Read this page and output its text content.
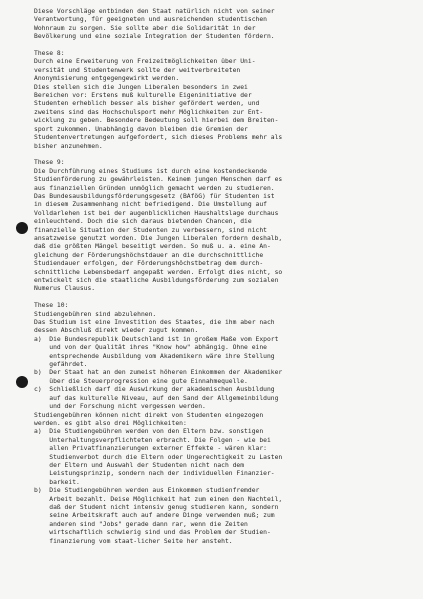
Diese Vorschläge entbinden den Staat natürlich nicht von seiner
Verantwortung, für geeigneten und ausreichenden studentischen
Wohnraum zu sorgen. Sie sollte aber die Solidarität in der
Bevölkerung und eine soziale Integration der Studenten fördern.

These 8:
Durch eine Erweiterung von Freizeitmöglichkeiten über Uni-
versität und Studentenwerk sollte der weitverbreiteten
Anonymisierung entgegengewirkt werden.
Dies stellen sich die Jungen Liberalen besonders in zwei
Bereichen vor: Erstens muß kulturelle Eigeninitiative der
Studenten erheblich besser als bisher gefördert werden, und
zweitens sind das Hochschulsport mehr Möglichkeiten zur Ent-
wicklung zu geben. Besondere Bedeutung soll hierbei dem Breiten-
sport zukommen. Unabhängig davon bleiben die Gremien der
Studentenvertretungen aufgefordert, sich dieses Problems mehr als
bisher anzunehmen.

These 9:
Die Durchführung eines Studiums ist durch eine kostendeckende
Studienförderung zu gewährleisten. Keinem jungen Menschen darf es
aus finanziellen Gründen unmöglich gemacht werden zu studieren.
Das Bundesausbildungsförderungsgesetz (BAföG) für Studenten ist
in diesem Zusammenhang nicht befriedigend. Die Umstellung auf
Volldarlehen ist bei der augenblicklichen Haushaltslage durchaus
einleuchtend. Doch die sich daraus bietenden Chancen, die
finanzielle Situation der Studenten zu verbessern, sind nicht
ansatzweise genutzt worden. Die Jungen Liberalen fordern deshalb,
daß die größten Mängel beseitigt werden. So muß u. a. eine An-
gleichung der Förderungshöchstdauer an die durchschnittliche
Studiendauer erfolgen, der Förderungshöchstbetrag dem durch-
schnittliche Lebensbedarf angepaßt werden. Erfolgt dies nicht, so
entwickelt sich die staatliche Ausbildungsförderung zum sozialen
Numerus Clausus.

These 10:
Studiengebühren sind abzulehnen.
Das Studium ist eine Investition des Staates, die ihm aber nach
dessen Abschluß direkt wieder zugut kommen.
a)  Die Bundesrepublik Deutschland ist in großem Maße vom Export
und von der Qualität ihres "Know how" abhängig. Ohne eine
entsprechende Ausbildung vom Akademikern wäre ihre Stellung
gefährdet.
b)  Der Staat hat an den zumeist höheren Einkommen der Akademiker
über die Steuerprogression eine gute Einnahmequelle.
c)  Schließlich darf die Auswirkung der akademischen Ausbildung
auf das kulturelle Niveau, auf den Sand der Allgemeinbildung
und der Forschung nicht vergessen werden.
Studiengebühren können nicht direkt von Studenten eingezogen
werden. es gibt also drei Möglichkeiten:
a)  Die Studiengebühren werden von den Eltern bzw. sonstigen
Unterhaltungsverpflichteten erbracht. Die Folgen - wie bei
allen Privatfinanzierungen externer Effekte - wären klar:
Studienverbot durch die Eltern oder Ungerechtigkeit zu Lasten
der Eltern und Auswahl der Studenten nicht nach dem
Leistungsprinzip, sondern nach der individuellen Finanzier-
barkeit.
b)  Die Studiengebühren werden aus Einkommen studienfremder
Arbeit bezahlt. Deise Möglichkeit hat zum einen den Nachteil,
daß der Student nicht intensiv genug studieren kann, sondern
seine Arbeitskraft auch auf andere Dinge verwenden muß; zum
anderen sind "Jobs" gerade dann rar, wenn die Zeiten
wirtschaftlich schwierig sind und das Problem der Studien-
finanzierung vom staat-licher Seite her ansteht.
